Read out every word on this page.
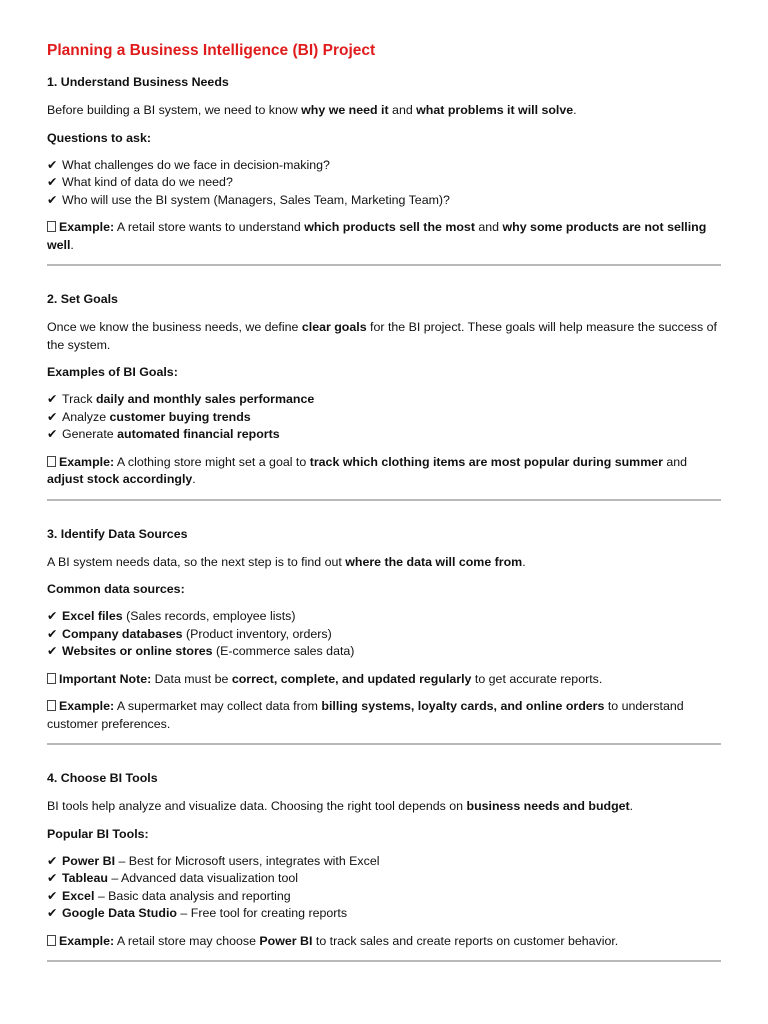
Planning a Business Intelligence (BI) Project
1. Understand Business Needs

Before building a BI system, we need to know why we need it and what problems it will solve.

Questions to ask:
✔ What challenges do we face in decision-making?
✔ What kind of data do we need?
✔ Who will use the BI system (Managers, Sales Team, Marketing Team)?

Example: A retail store wants to understand which products sell the most and why some products are not selling well.

2. Set Goals

Once we know the business needs, we define clear goals for the BI project. These goals will help measure the success of the system.

Examples of BI Goals:
✔ Track daily and monthly sales performance
✔ Analyze customer buying trends
✔ Generate automated financial reports

Example: A clothing store might set a goal to track which clothing items are most popular during summer and adjust stock accordingly.

3. Identify Data Sources

A BI system needs data, so the next step is to find out where the data will come from.

Common data sources:
✔ Excel files (Sales records, employee lists)
✔ Company databases (Product inventory, orders)
✔ Websites or online stores (E-commerce sales data)

Important Note: Data must be correct, complete, and updated regularly to get accurate reports.

Example: A supermarket may collect data from billing systems, loyalty cards, and online orders to understand customer preferences.

4. Choose BI Tools

BI tools help analyze and visualize data. Choosing the right tool depends on business needs and budget.

Popular BI Tools:
✔ Power BI – Best for Microsoft users, integrates with Excel
✔ Tableau – Advanced data visualization tool
✔ Excel – Basic data analysis and reporting
✔ Google Data Studio – Free tool for creating reports

Example: A retail store may choose Power BI to track sales and create reports on customer behavior.
